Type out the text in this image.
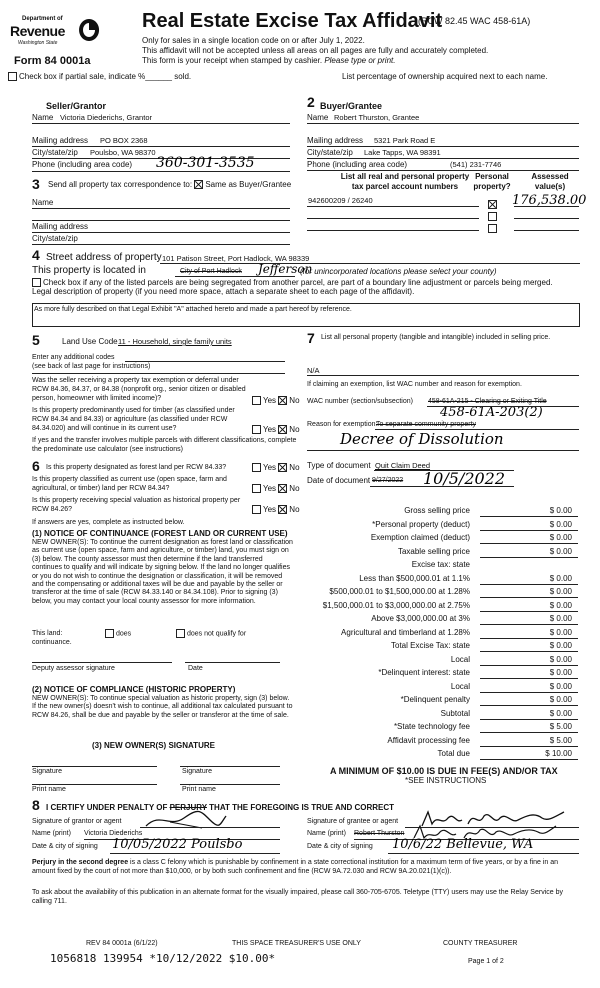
Department of
Revenue
Washington State
Form 84 0001a
Real Estate Excise Tax Affidavit
(RCW 82.45 WAC 458-61A)
Only for sales in a single location code on or after July 1, 2022.
This affidavit will not be accepted unless all areas on all pages are fully and accurately completed.
This form is your receipt when stamped by cashier. Please type or print.
Check box if partial sale, indicate %______ sold.	List percentage of ownership acquired next to each name.
Seller/Grantor
Name Victoria Diederichs, Grantor
Mailing address PO BOX 2368
City/state/zip Poulsbo, WA 98370
Phone (including area code) 360-301-3535
2 Buyer/Grantee
Name Robert Thurston, Grantee
Mailing address 5321 Park Road E
City/state/zip Lake Tapps, WA 98391
Phone (including area code)	(541) 231-7746
3 Send all property tax correspondence to: Same as Buyer/Grantee
Name
Mailing address
City/state/zip
List all real and personal property tax parcel account numbers
Personal property?
Assessed value(s)
942600209 / 26240	176,538.00
4 Street address of property 101 Patison Street, Port Hadlock, WA 98339
This property is located in	City of Port Hadlock Jefferson
(for unincorporated locations please select your county)
Check box if any of the listed parcels are being segregated from another parcel, are part of a boundary line adjustment or parcels being merged.
Legal description of property (if you need more space, attach a separate sheet to each page of the affidavit).
As more fully described on that Legal Exhibit "A" attached hereto and made a part hereof by reference.
5	Land Use Code 11 - Household, single family units
Enter any additional codes
(see back of last page for instructions)
Was the seller receiving a property tax exemption or deferral under RCW 84.36, 84.37, or 84.38 (nonprofit org., senior citizen or disabled person, homeowner with limited income)?	Yes No
Is this property predominantly used for timber (as classified under RCW 84.34 and 84.33) or agriculture (as classified under RCW 84.34.020) and will continue in its current use?	Yes No
If yes and the transfer involves multiple parcels with different classifications, complete the predominate use calculator (see instructions)
6 Is this property designated as forest land per RCW 84.33?	Yes No
Is this property classified as current use (open space, farm and agricultural, or timber) land per RCW 84.34?	Yes No
Is this property receiving special valuation as historical property per RCW 84.26?	Yes No
If answers are yes, complete as instructed below.
(1) NOTICE OF CONTINUANCE (FOREST LAND OR CURRENT USE)
NEW OWNER(S): To continue the current designation as forest land or classification as current use (open space, farm and agriculture, or timber) land, you must sign on (3) below. The county assessor must then determine if the land transferred continues to qualify and will indicate by signing below. If the land no longer qualifies or you do not wish to continue the designation or classification, it will be removed and the compensating or additional taxes will be due and payable by the seller or transferor at the time of sale (RCW 84.33.140 or 84.34.108). Prior to signing (3) below, you may contact your local county assessor for more information.
This land:	does	does not qualify for
continuance.
Deputy assessor signature	Date
(2) NOTICE OF COMPLIANCE (HISTORIC PROPERTY)
NEW OWNER(S): To continue special valuation as historic property, sign (3) below. If the new owner(s) doesn't wish to continue, all additional tax calculated pursuant to RCW 84.26, shall be due and payable by the seller or transferor at the time of sale.
(3) NEW OWNER(S) SIGNATURE
Signature	Signature
Print name	Print name
7 List all personal property (tangible and intangible) included in selling price.
N/A
If claiming an exemption, list WAC number and reason for exemption.
WAC number (section/subsection) 458-61A-215 - Clearing or Exiting Title
458-61A-203(2)
Reason for exemption:
To separate community property
Decree of Dissolution
Type of document Quit Claim Deed
Date of document 9/27/2022 10/5/2022
Gross selling price	$ 0.00
*Personal property (deduct)	$ 0.00
Exemption claimed (deduct)	$ 0.00
Taxable selling price	$ 0.00
Excise tax: state
Less than $500,000.01 at 1.1%	$ 0.00
$500,000.01 to $1,500,000.00 at 1.28%	$ 0.00
$1,500,000.01 to $3,000,000.00 at 2.75%	$ 0.00
Above $3,000,000.00 at 3%	$ 0.00
Agricultural and timberland at 1.28%	$ 0.00
Total Excise Tax: state	$ 0.00
Local	$ 0.00
*Delinquent interest: state	$ 0.00
Local	$ 0.00
*Delinquent penalty	$ 0.00
Subtotal	$ 0.00
*State technology fee	$ 5.00
Affidavit processing fee	$ 5.00
Total due	$ 10.00
A MINIMUM OF $10.00 IS DUE IN FEE(S) AND/OR TAX
*SEE INSTRUCTIONS
8 I CERTIFY UNDER PENALTY OF PERJURY THAT THE FOREGOING IS TRUE AND CORRECT
Signature of grantor or agent
Name (print) Victoria Diederichs
Date & city of signing 10/05/2022 Poulsbo
Signature of grantee or agent
Name (print) Robert Thurston
Date & city of signing 10/6/22 Bellevue, WA
Perjury in the second degree is a class C felony which is punishable by confinement in a state correctional institution for a maximum term of five years, or by a fine in an amount fixed by the court of not more than $10,000, or by both such confinement and fine (RCW 9A.72.030 and RCW 9A.20.021(1)(c)).
To ask about the availability of this publication in an alternate format for the visually impaired, please call 360-705-6705. Teletype (TTY) users may use the Relay Service by calling 711.
REV 84 0001a (6/1/22)	THIS SPACE TREASURER'S USE ONLY	COUNTY TREASURER
1056818 139954 *10/12/2022 $10.00*	Page 1 of 2
